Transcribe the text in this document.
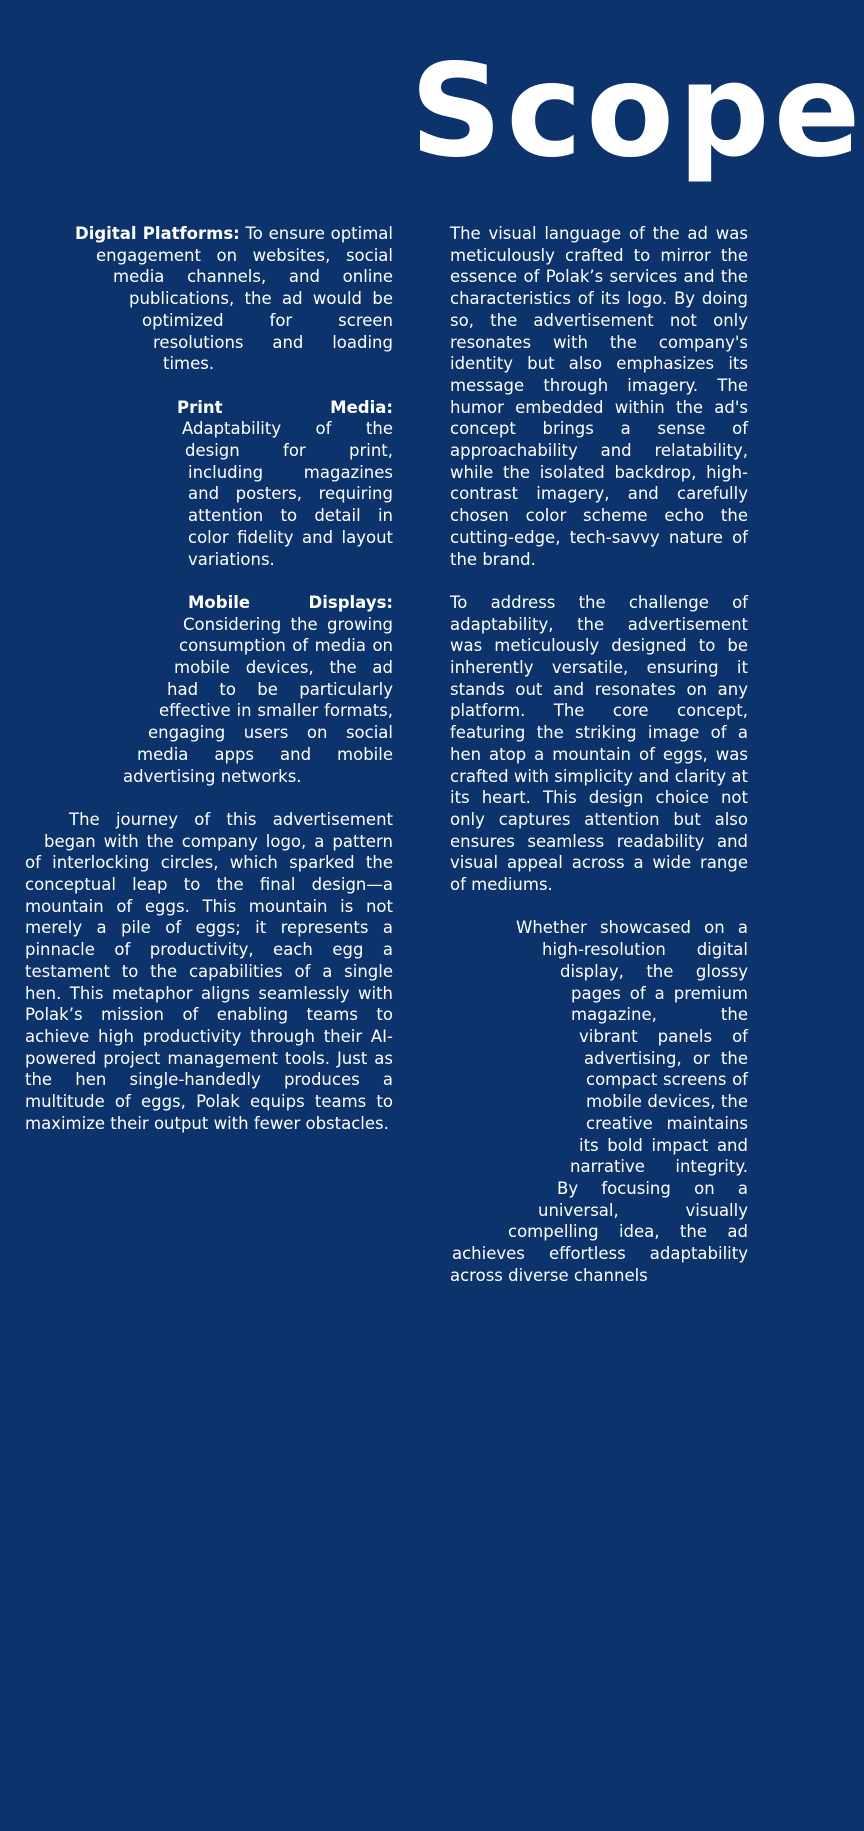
Scope

Digital Platforms: To ensure optimal engagement on websites, social media channels, and online publications, the ad would be optimized for screen resolutions and loading times.

Print Media: Adaptability of the design for print, including magazines and posters, requiring attention to detail in color fidelity and layout variations.

Mobile Displays: Considering the growing consumption of media on mobile devices, the ad had to be particularly effective in smaller formats, engaging users on social media apps and mobile advertising networks.

The journey of this advertisement began with the company logo, a pattern of interlocking circles, which sparked the conceptual leap to the final design—a mountain of eggs. This mountain is not merely a pile of eggs; it represents a pinnacle of productivity, each egg a testament to the capabilities of a single hen. This metaphor aligns seamlessly with Polak’s mission of enabling teams to achieve high productivity through their AI-powered project management tools. Just as the hen single-handedly produces a multitude of eggs, Polak equips teams to maximize their output with fewer obstacles.

The visual language of the ad was meticulously crafted to mirror the essence of Polak’s services and the characteristics of its logo. By doing so, the advertisement not only resonates with the company's identity but also emphasizes its message through imagery. The humor embedded within the ad's concept brings a sense of approachability and relatability, while the isolated backdrop, high-contrast imagery, and carefully chosen color scheme echo the cutting-edge, tech-savvy nature of the brand.

To address the challenge of adaptability, the advertisement was meticulously designed to be inherently versatile, ensuring it stands out and resonates on any platform. The core concept, featuring the striking image of a hen atop a mountain of eggs, was crafted with simplicity and clarity at its heart. This design choice not only captures attention but also ensures seamless readability and visual appeal across a wide range of mediums.

Whether showcased on a high-resolution digital display, the glossy pages of a premium magazine, the vibrant panels of advertising, or the compact screens of mobile devices, the creative maintains its bold impact and narrative integrity. By focusing on a universal, visually compelling idea, the ad achieves effortless adaptability across diverse channels
